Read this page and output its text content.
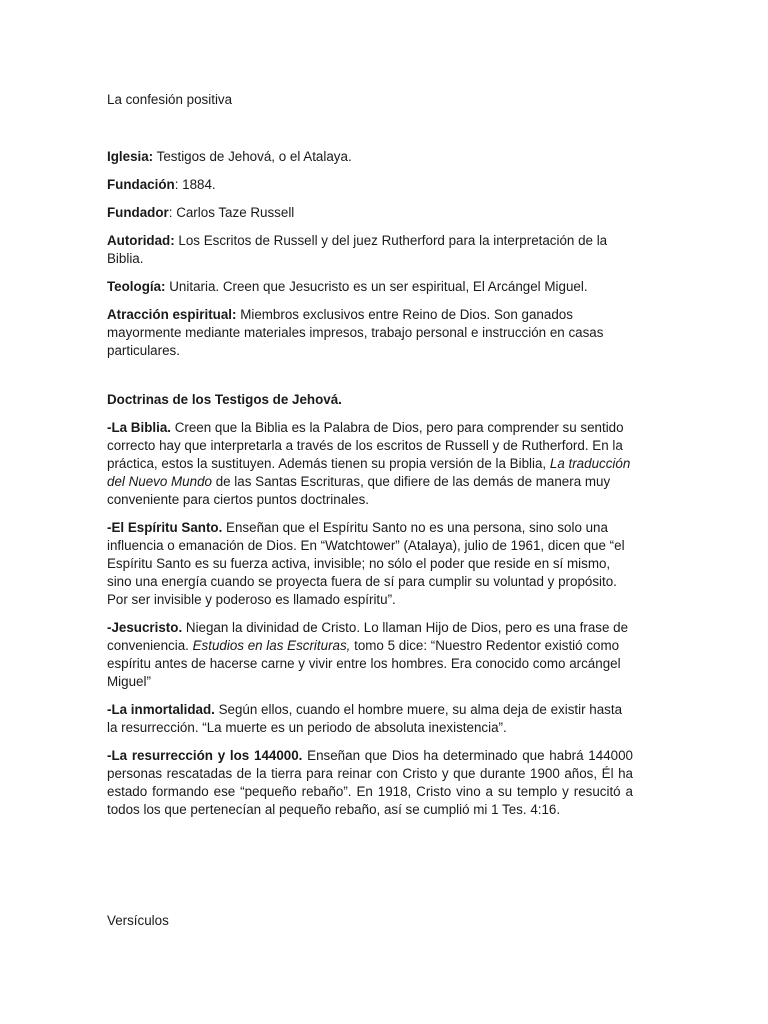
La confesión positiva

Iglesia: Testigos de Jehová, o el Atalaya.

Fundación: 1884.

Fundador: Carlos Taze Russell

Autoridad: Los Escritos de Russell y del juez Rutherford para la interpretación de la Biblia.

Teología: Unitaria. Creen que Jesucristo es un ser espiritual, El Arcángel Miguel.

Atracción espiritual: Miembros exclusivos entre Reino de Dios. Son ganados mayormente mediante materiales impresos, trabajo personal e instrucción en casas particulares.

Doctrinas de los Testigos de Jehová.

-La Biblia. Creen que la Biblia es la Palabra de Dios, pero para comprender su sentido correcto hay que interpretarla a través de los escritos de Russell y de Rutherford. En la práctica, estos la sustituyen. Además tienen su propia versión de la Biblia, La traducción del Nuevo Mundo de las Santas Escrituras, que difiere de las demás de manera muy conveniente para ciertos puntos doctrinales.

-El Espíritu Santo. Enseñan que el Espíritu Santo no es una persona, sino solo una influencia o emanación de Dios. En “Watchtower” (Atalaya), julio de 1961, dicen que “el Espíritu Santo es su fuerza activa, invisible; no sólo el poder que reside en sí mismo, sino una energía cuando se proyecta fuera de sí para cumplir su voluntad y propósito. Por ser invisible y poderoso es llamado espíritu”.

-Jesucristo. Niegan la divinidad de Cristo. Lo llaman Hijo de Dios, pero es una frase de conveniencia. Estudios en las Escrituras, tomo 5 dice: “Nuestro Redentor existió como espíritu antes de hacerse carne y vivir entre los hombres. Era conocido como arcángel Miguel”

-La inmortalidad. Según ellos, cuando el hombre muere, su alma deja de existir hasta la resurrección. “La muerte es un periodo de absoluta inexistencia”.

-La resurrección y los 144000. Enseñan que Dios ha determinado que habrá 144000 personas rescatadas de la tierra para reinar con Cristo y que durante 1900 años, Él ha estado formando ese “pequeño rebaño”. En 1918, Cristo vino a su templo y resucitó a todos los que pertenecían al pequeño rebaño, así se cumplió mi 1 Tes. 4:16.

Versículos
